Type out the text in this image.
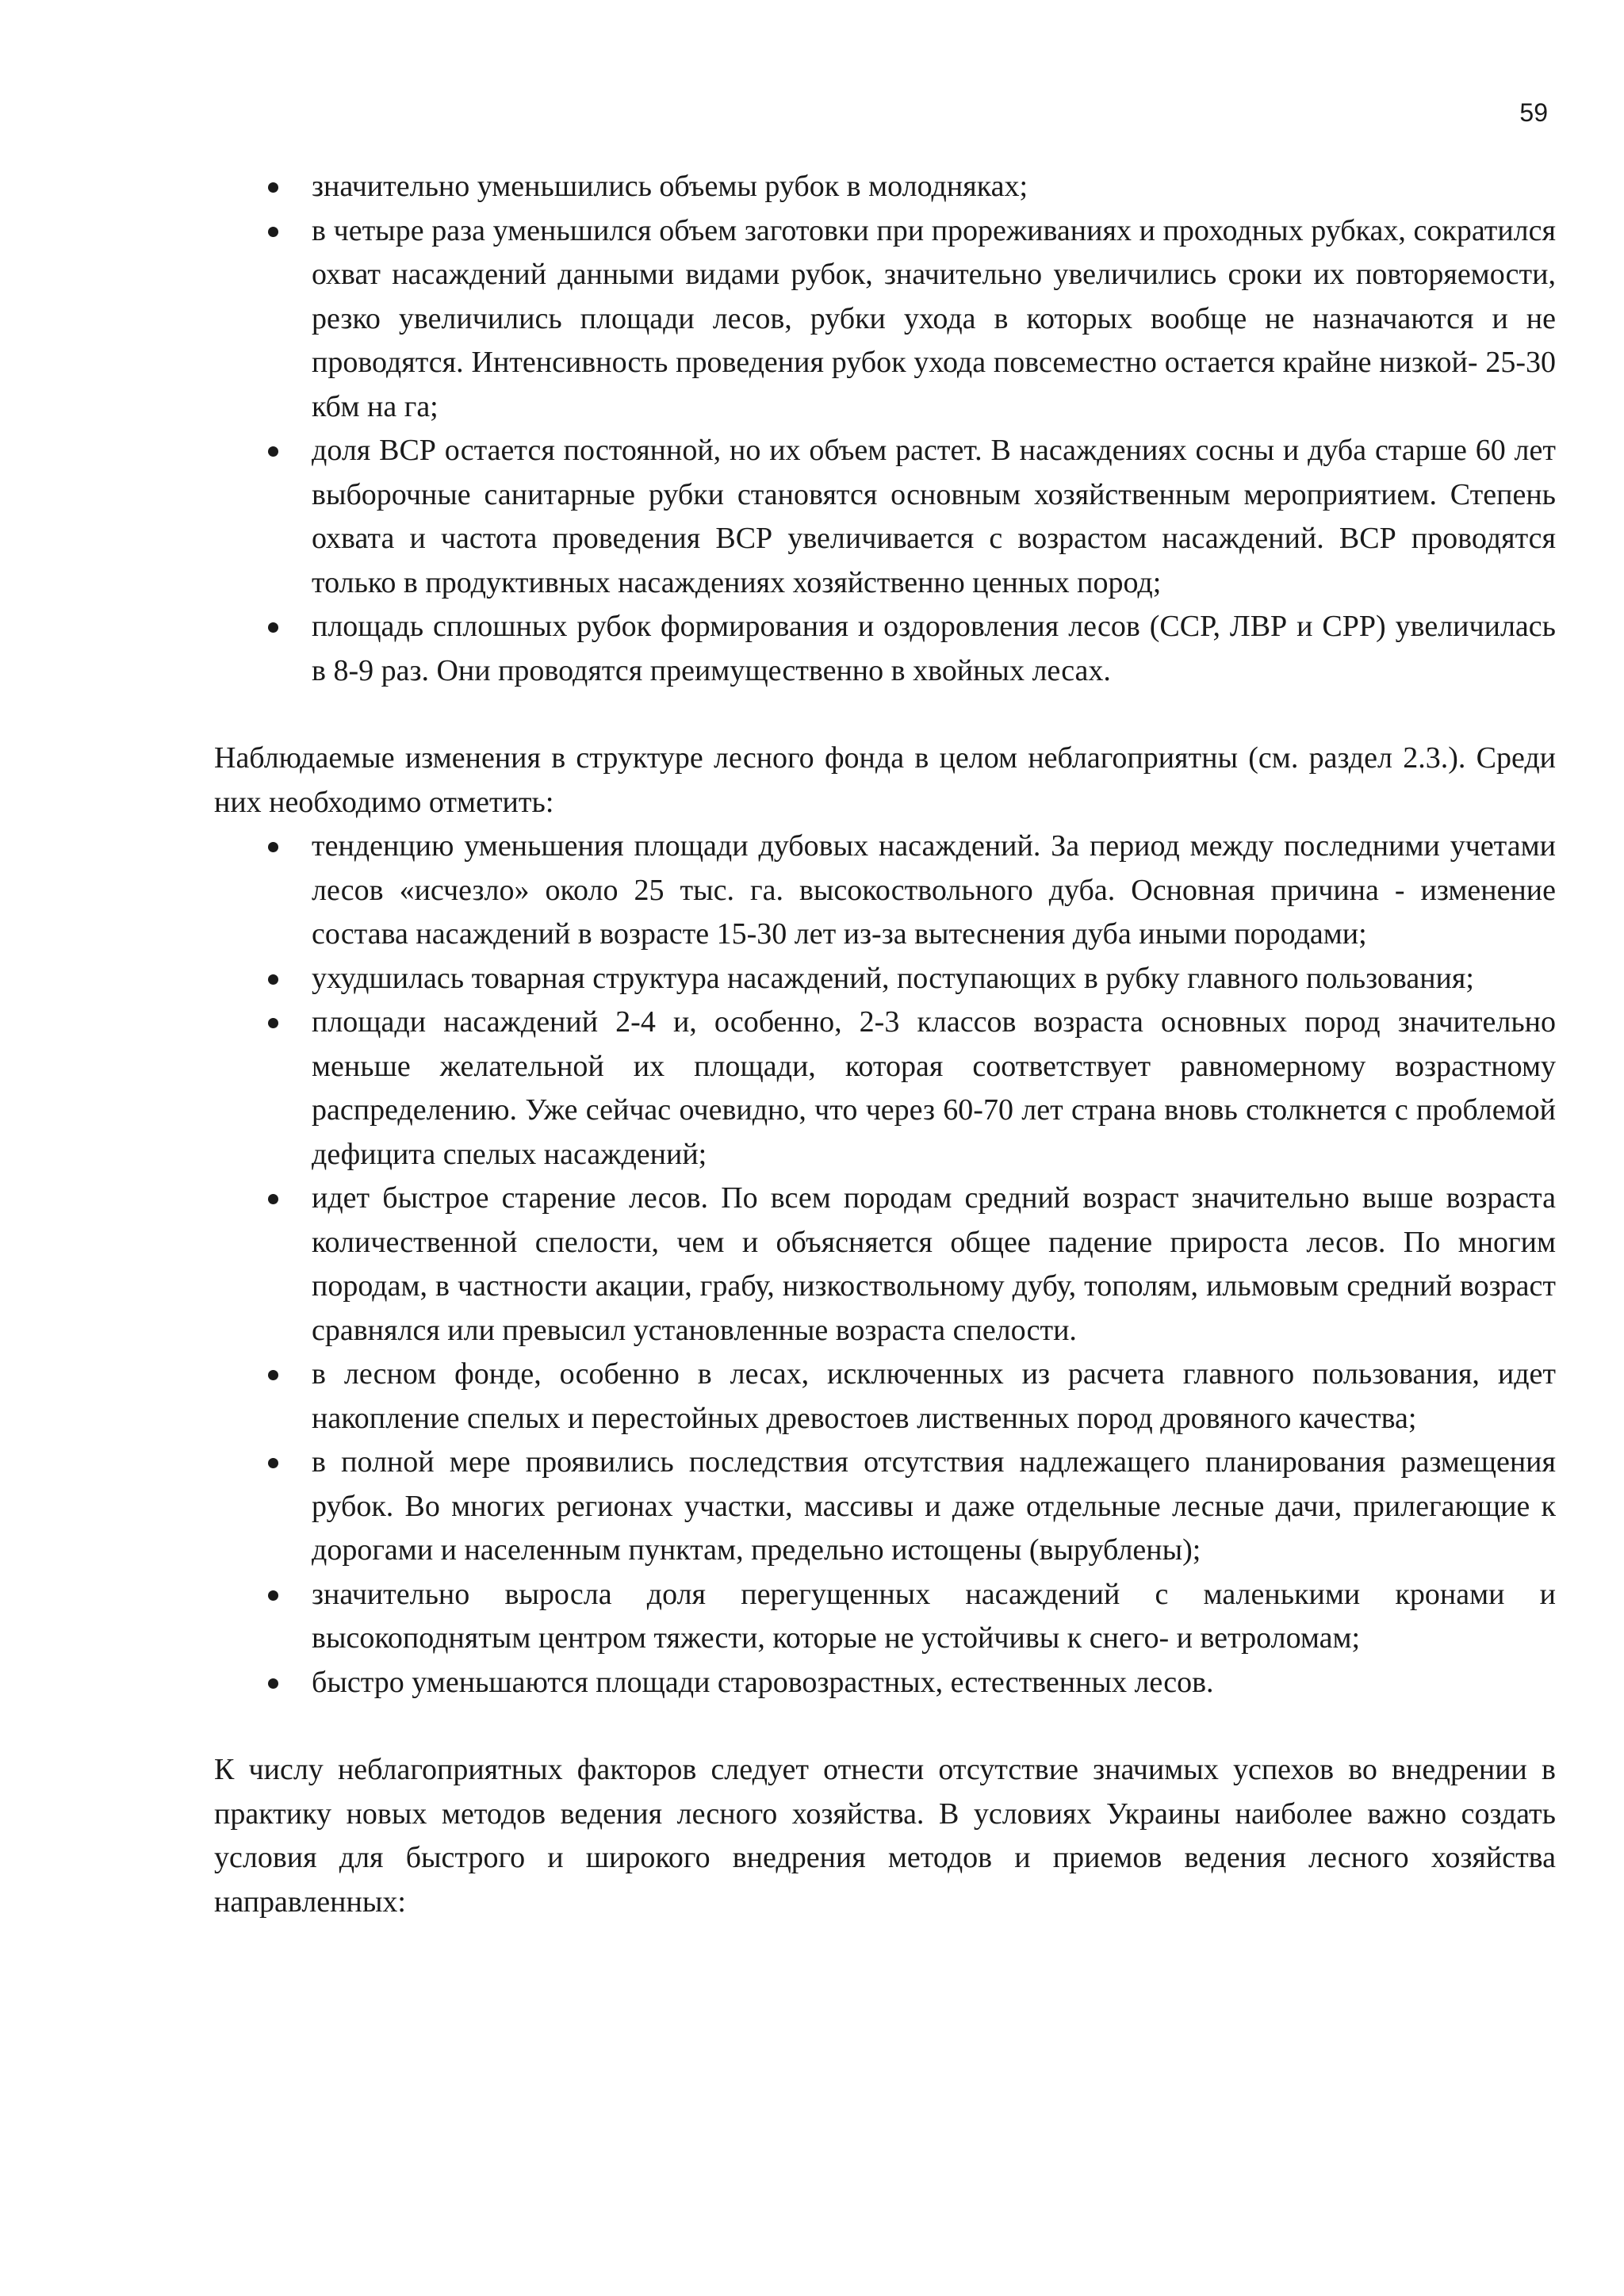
59
значительно уменьшились объемы рубок в молодняках;
в четыре раза уменьшился объем заготовки при прореживаниях и проходных рубках, сократился охват насаждений данными видами рубок, значительно увеличились сроки их повторяемости, резко увеличились площади лесов, рубки ухода в которых вообще не назначаются и не проводятся. Интенсивность проведения рубок ухода повсеместно остается крайне низкой- 25-30 кбм на га;
доля ВСР остается постоянной, но их объем растет. В насаждениях сосны и дуба старше 60 лет выборочные санитарные рубки становятся основным хозяйственным мероприятием. Степень охвата и частота проведения ВСР увеличивается с возрастом насаждений. ВСР проводятся только в продуктивных насаждениях хозяйственно ценных пород;
площадь сплошных рубок формирования и оздоровления лесов (ССР, ЛВР и СРР) увеличилась в 8-9 раз. Они проводятся преимущественно в хвойных лесах.

Наблюдаемые изменения в структуре лесного фонда в целом неблагоприятны (см. раздел 2.3.). Среди них необходимо отметить:

тенденцию уменьшения площади дубовых насаждений. За период между последними учетами лесов «исчезло» около 25 тыс. га. высокоствольного дуба. Основная причина - изменение состава насаждений в возрасте 15-30 лет из-за вытеснения дуба иными породами;
ухудшилась товарная структура насаждений, поступающих в рубку главного пользования;
площади насаждений 2-4 и, особенно, 2-3 классов возраста основных пород значительно меньше желательной их площади, которая соответствует равномерному возрастному распределению. Уже сейчас очевидно, что через 60-70 лет страна вновь столкнется с проблемой дефицита спелых насаждений;
идет быстрое старение лесов. По всем породам средний возраст значительно выше возраста количественной спелости, чем и объясняется общее падение прироста лесов. По многим породам, в частности акации, грабу, низкоствольному дубу, тополям, ильмовым средний возраст сравнялся или превысил установленные возраста спелости.
в лесном фонде, особенно в лесах, исключенных из расчета главного пользования, идет накопление спелых и перестойных древостоев лиственных пород дровяного качества;
в полной мере проявились последствия отсутствия надлежащего планирования размещения рубок. Во многих регионах участки, массивы и даже отдельные лесные дачи, прилегающие к дорогами и населенным пунктам, предельно истощены (вырублены);
значительно выросла доля перегущенных насаждений с маленькими кронами и высокоподнятым центром тяжести, которые не устойчивы к снего- и ветроломам;
быстро уменьшаются площади старовозрастных, естественных лесов.

К числу неблагоприятных факторов следует отнести отсутствие значимых успехов во внедрении в практику новых методов ведения лесного хозяйства. В условиях Украины наиболее важно создать условия для быстрого и широкого внедрения методов и приемов ведения лесного хозяйства направленных:
